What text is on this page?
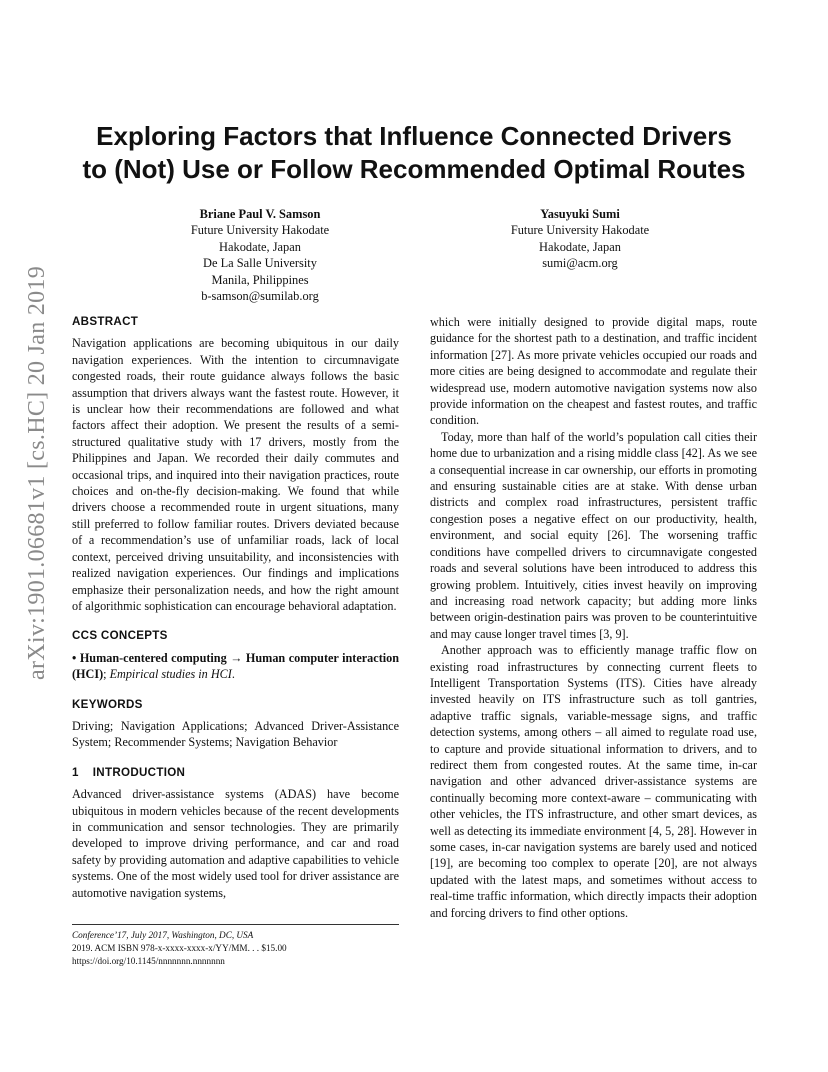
arXiv:1901.06681v1 [cs.HC] 20 Jan 2019
Exploring Factors that Influence Connected Drivers
to (Not) Use or Follow Recommended Optimal Routes
Briane Paul V. Samson
Future University Hakodate
Hakodate, Japan
De La Salle University
Manila, Philippines
b-samson@sumilab.org
Yasuyuki Sumi
Future University Hakodate
Hakodate, Japan
sumi@acm.org
ABSTRACT

Navigation applications are becoming ubiquitous in our daily navigation experiences. With the intention to circumnavigate congested roads, their route guidance always follows the basic assumption that drivers always want the fastest route. However, it is unclear how their recommendations are followed and what factors affect their adoption. We present the results of a semi-structured qualitative study with 17 drivers, mostly from the Philippines and Japan. We recorded their daily commutes and occasional trips, and inquired into their navigation practices, route choices and on-the-fly decision-making. We found that while drivers choose a recommended route in urgent situations, many still preferred to follow familiar routes. Drivers deviated because of a recommendation’s use of unfamiliar roads, lack of local context, perceived driving unsuitability, and inconsistencies with realized navigation experiences. Our findings and implications emphasize their personalization needs, and how the right amount of algorithmic sophistication can encourage behavioral adaptation.

CCS CONCEPTS

• Human-centered computing → Human computer interaction (HCI); Empirical studies in HCI.

KEYWORDS

Driving; Navigation Applications; Advanced Driver-Assistance System; Recommender Systems; Navigation Behavior

1 INTRODUCTION

Advanced driver-assistance systems (ADAS) have become ubiquitous in modern vehicles because of the recent developments in communication and sensor technologies. They are primarily developed to improve driving performance, and car and road safety by providing automation and adaptive capabilities to vehicle systems. One of the most widely used tool for driver assistance are automotive navigation systems,

which were initially designed to provide digital maps, route guidance for the shortest path to a destination, and traffic incident information [27]. As more private vehicles occupied our roads and more cities are being designed to accommodate and regulate their widespread use, modern automotive navigation systems now also provide information on the cheapest and fastest routes, and traffic condition.

Today, more than half of the world’s population call cities their home due to urbanization and a rising middle class [42]. As we see a consequential increase in car ownership, our efforts in promoting and ensuring sustainable cities are at stake. With dense urban districts and complex road infrastructures, persistent traffic congestion poses a negative effect on our productivity, health, environment, and social equity [26]. The worsening traffic conditions have compelled drivers to circumnavigate congested roads and several solutions have been introduced to address this growing problem. Intuitively, cities invest heavily on improving and increasing road network capacity; but adding more links between origin-destination pairs was proven to be counterintuitive and may cause longer travel times [3, 9].

Another approach was to efficiently manage traffic flow on existing road infrastructures by connecting current fleets to Intelligent Transportation Systems (ITS). Cities have already invested heavily on ITS infrastructure such as toll gantries, adaptive traffic signals, variable-message signs, and traffic detection systems, among others – all aimed to regulate road use, to capture and provide situational information to drivers, and to redirect them from congested routes. At the same time, in-car navigation and other advanced driver-assistance systems are continually becoming more context-aware – communicating with other vehicles, the ITS infrastructure, and other smart devices, as well as detecting its immediate environment [4, 5, 28]. However in some cases, in-car navigation systems are barely used and noticed [19], are becoming too complex to operate [20], are not always updated with the latest maps, and sometimes without access to real-time traffic information, which directly impacts their adoption and forcing drivers to find other options.

Conference’17, July 2017, Washington, DC, USA
2019. ACM ISBN 978-x-xxxx-xxxx-x/YY/MM. . . $15.00
https://doi.org/10.1145/nnnnnnn.nnnnnnn
